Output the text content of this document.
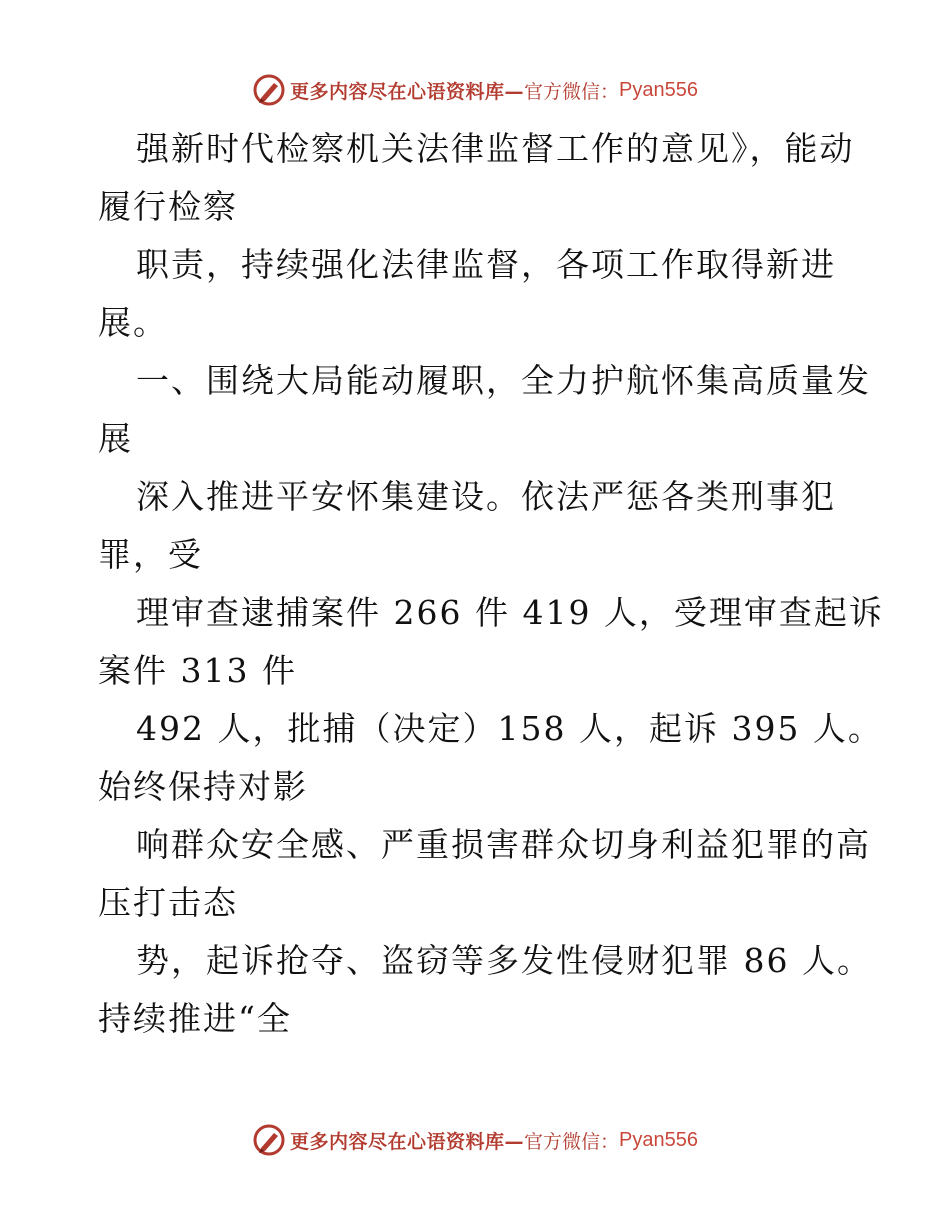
更多内容尽在心语资料库— 官方微信： Pyan556

强新时代检察机关法律监督工作的意见》，能动
履行检察

职责，持续强化法律监督，各项工作取得新进
展。

一、围绕大局能动履职，全力护航怀集高质量发
展

深入推进平安怀集建设。依法严惩各类刑事犯
罪，受

理审查逮捕案件 266 件 419 人，受理审查起诉
案件 313 件

492 人，批捕（决定）158 人，起诉 395 人。
始终保持对影

响群众安全感、严重损害群众切身利益犯罪的高
压打击态

势，起诉抢夺、盗窃等多发性侵财犯罪 86 人。
持续推进“全

更多内容尽在心语资料库— 官方微信： Pyan556
